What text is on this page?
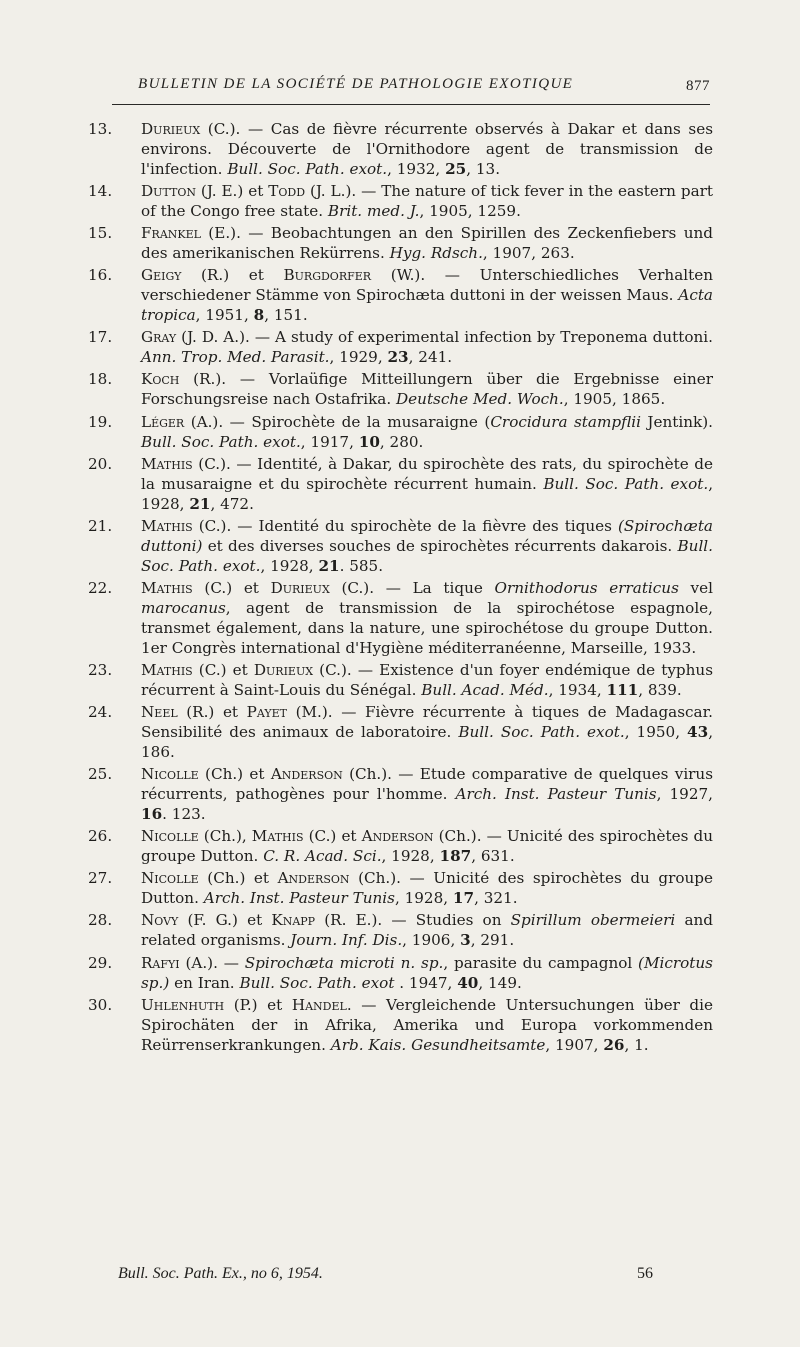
BULLETIN DE LA SOCIÉTÉ DE PATHOLOGIE EXOTIQUE	877
13.	Durieux (C.). — Cas de fièvre récurrente observés à Dakar et dans ses environs. Découverte de l'Ornithodore agent de transmission de l'infection. Bull. Soc. Path. exot., 1932, 25, 13.
14.	Dutton (J. E.) et Todd (J. L.). — The nature of tick fever in the eastern part of the Congo free state. Brit. med. J., 1905, 1259.
15.	Frankel (E.). — Beobachtungen an den Spirillen des Zeckenfiebers und des amerikanischen Rekürrens. Hyg. Rdsch., 1907, 263.
16.	Geigy (R.) et Burgdorfer (W.). — Unterschiedliches Verhalten verschiedener Stämme von Spirochæta duttoni in der weissen Maus. Acta tropica, 1951, 8, 151.
17.	Gray (J. D. A.). — A study of experimental infection by Treponema duttoni. Ann. Trop. Med. Parasit., 1929, 23, 241.
18.	Koch (R.). — Vorlaüfige Mitteillungern über die Ergebnisse einer Forschungsreise nach Ostafrika. Deutsche Med. Woch., 1905, 1865.
19.	Léger (A.). — Spirochète de la musaraigne (Crocidura stampflii Jentink). Bull. Soc. Path. exot., 1917, 10, 280.
20.	Mathis (C.). — Identité, à Dakar, du spirochète des rats, du spirochète de la musaraigne et du spirochète récurrent humain. Bull. Soc. Path. exot., 1928, 21, 472.
21.	Mathis (C.). — Identité du spirochète de la fièvre des tiques (Spirochæta duttoni) et des diverses souches de spirochètes récurrents dakarois. Bull. Soc. Path. exot., 1928, 21. 585.
22.	Mathis (C.) et Durieux (C.). — La tique Ornithodorus erraticus vel marocanus, agent de transmission de la spirochétose espagnole, transmet également, dans la nature, une spirochétose du groupe Dutton. 1er Congrès international d'Hygiène méditerranéenne, Marseille, 1933.
23.	Mathis (C.) et Durieux (C.). — Existence d'un foyer endémique de typhus récurrent à Saint-Louis du Sénégal. Bull. Acad. Méd., 1934, 111, 839.
24.	Neel (R.) et Payet (M.). — Fièvre récurrente à tiques de Madagascar. Sensibilité des animaux de laboratoire. Bull. Soc. Path. exot., 1950, 43, 186.
25.	Nicolle (Ch.) et Anderson (Ch.). — Etude comparative de quelques virus récurrents, pathogènes pour l'homme. Arch. Inst. Pasteur Tunis, 1927, 16. 123.
26.	Nicolle (Ch.), Mathis (C.) et Anderson (Ch.). — Unicité des spirochètes du groupe Dutton. C. R. Acad. Sci., 1928, 187, 631.
27.	Nicolle (Ch.) et Anderson (Ch.). — Unicité des spirochètes du groupe Dutton. Arch. Inst. Pasteur Tunis, 1928, 17, 321.
28.	Novy (F. G.) et Knapp (R. E.). — Studies on Spirillum obermeieri and related organisms. Journ. Inf. Dis., 1906, 3, 291.
29.	Rafyi (A.). — Spirochæta microti n. sp., parasite du campagnol (Microtus sp.) en Iran. Bull. Soc. Path. exot . 1947, 40, 149.
30.	Uhlenhuth (P.) et Handel. — Vergleichende Untersuchungen über die Spirochäten der in Afrika, Amerika und Europa vorkommenden Reürrenserkrankungen. Arb. Kais. Gesundheitsamte, 1907, 26, 1.
Bull. Soc. Path. Ex., no 6, 1954.	56
